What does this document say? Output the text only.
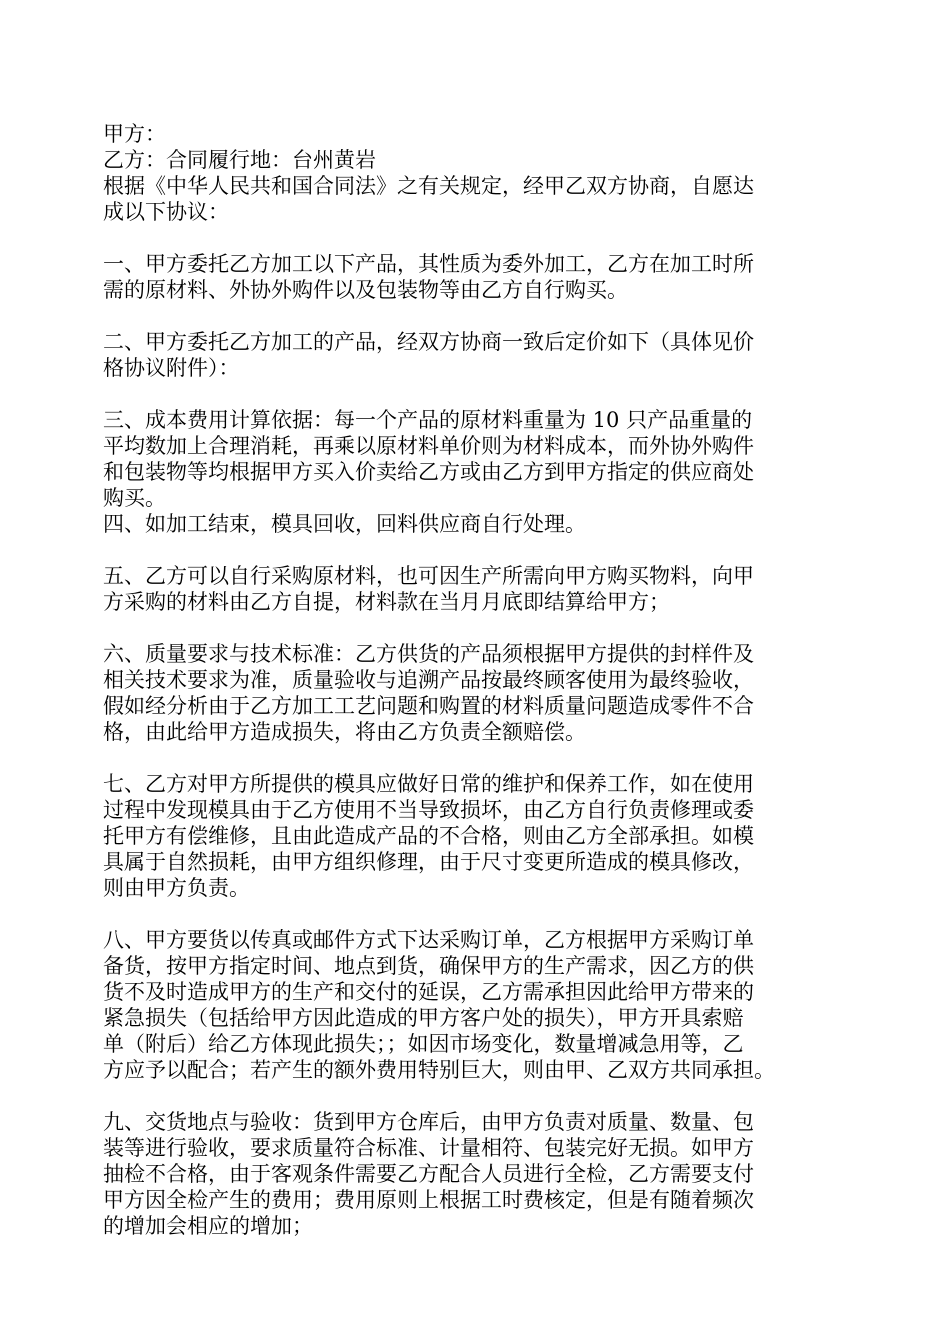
甲方：
乙方：合同履行地：台州黄岩
根据《中华人民共和国合同法》之有关规定，经甲乙双方协商，自愿达
成以下协议：
一、甲方委托乙方加工以下产品，其性质为委外加工，乙方在加工时所
需的原材料、外协外购件以及包装物等由乙方自行购买。
二、甲方委托乙方加工的产品，经双方协商一致后定价如下（具体见价
格协议附件）：
三、成本费用计算依据：每一个产品的原材料重量为 10 只产品重量的
平均数加上合理消耗，再乘以原材料单价则为材料成本，而外协外购件
和包装物等均根据甲方买入价卖给乙方或由乙方到甲方指定的供应商处
购买。
四、如加工结束，模具回收，回料供应商自行处理。
五、乙方可以自行采购原材料，也可因生产所需向甲方购买物料，向甲
方采购的材料由乙方自提，材料款在当月月底即结算给甲方；
六、质量要求与技术标准：乙方供货的产品须根据甲方提供的封样件及
相关技术要求为准，质量验收与追溯产品按最终顾客使用为最终验收，
假如经分析由于乙方加工工艺问题和购置的材料质量问题造成零件不合
格，由此给甲方造成损失，将由乙方负责全额赔偿。
七、乙方对甲方所提供的模具应做好日常的维护和保养工作，如在使用
过程中发现模具由于乙方使用不当导致损坏，由乙方自行负责修理或委
托甲方有偿维修，且由此造成产品的不合格，则由乙方全部承担。如模
具属于自然损耗，由甲方组织修理，由于尺寸变更所造成的模具修改，
则由甲方负责。
八、甲方要货以传真或邮件方式下达采购订单，乙方根据甲方采购订单
备货，按甲方指定时间、地点到货，确保甲方的生产需求，因乙方的供
货不及时造成甲方的生产和交付的延误，乙方需承担因此给甲方带来的
紧急损失（包括给甲方因此造成的甲方客户处的损失），甲方开具索赔
单（附后）给乙方体现此损失；；如因市场变化，数量增减急用等，乙
方应予以配合；若产生的额外费用特别巨大，则由甲、乙双方共同承担。
九、交货地点与验收：货到甲方仓库后，由甲方负责对质量、数量、包
装等进行验收，要求质量符合标准、计量相符、包装完好无损。如甲方
抽检不合格，由于客观条件需要乙方配合人员进行全检，乙方需要支付
甲方因全检产生的费用；费用原则上根据工时费核定，但是有随着频次
的增加会相应的增加；
